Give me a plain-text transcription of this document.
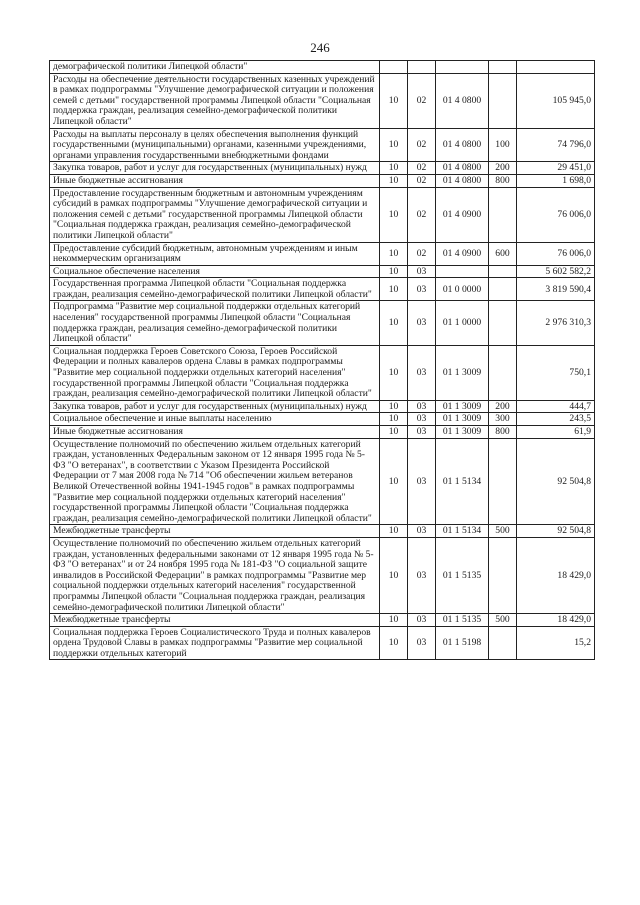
246
демографической политики Липецкой области"					
Расходы на обеспечение деятельности государственных казенных учреждений в рамках подпрограммы "Улучшение демографической ситуации и положения семей с детьми" государственной программы Липецкой области "Социальная поддержка граждан, реализация семейно-демографической политики Липецкой области"	10	02	01 4 0800		105 945,0
Расходы на выплаты персоналу в целях обеспечения выполнения функций государственными (муниципальными) органами, казенными учреждениями, органами управления государственными внебюджетными фондами	10	02	01 4 0800	100	74 796,0
Закупка товаров, работ и услуг для государственных (муниципальных) нужд	10	02	01 4 0800	200	29 451,0
Иные бюджетные ассигнования	10	02	01 4 0800	800	1 698,0
Предоставление государственным бюджетным и автономным учреждениям субсидий в рамках подпрограммы "Улучшение демографической ситуации и положения семей с детьми" государственной программы Липецкой области "Социальная поддержка граждан, реализация семейно-демографической политики Липецкой области"	10	02	01 4 0900		76 006,0
Предоставление субсидий бюджетным, автономным учреждениям и иным некоммерческим организациям	10	02	01 4 0900	600	76 006,0
Социальное обеспечение населения	10	03			5 602 582,2
Государственная программа Липецкой области "Социальная поддержка граждан, реализация семейно-демографической политики Липецкой области"	10	03	01 0 0000		3 819 590,4
Подпрограмма "Развитие мер социальной поддержки отдельных категорий населения" государственной программы Липецкой области "Социальная поддержка граждан, реализация семейно-демографической политики Липецкой области"	10	03	01 1 0000		2 976 310,3
Социальная поддержка Героев Советского Союза, Героев Российской Федерации и полных кавалеров ордена Славы в рамках подпрограммы "Развитие мер социальной поддержки отдельных категорий населения" государственной программы Липецкой области "Социальная поддержка граждан, реализация семейно-демографической политики Липецкой области"	10	03	01 1 3009		750,1
Закупка товаров, работ и услуг для государственных (муниципальных) нужд	10	03	01 1 3009	200	444,7
Социальное обеспечение и иные выплаты населению	10	03	01 1 3009	300	243,5
Иные бюджетные ассигнования	10	03	01 1 3009	800	61,9
Осуществление полномочий по обеспечению жильем отдельных категорий граждан, установленных Федеральным законом от 12 января 1995 года № 5-ФЗ "О ветеранах", в соответствии с Указом Президента Российской Федерации от 7 мая 2008 года № 714 "Об обеспечении жильем ветеранов Великой Отечественной войны 1941-1945 годов" в рамках подпрограммы "Развитие мер социальной поддержки отдельных категорий населения" государственной программы Липецкой области "Социальная поддержка граждан, реализация семейно-демографической политики Липецкой области"	10	03	01 1 5134		92 504,8
Межбюджетные трансферты	10	03	01 1 5134	500	92 504,8
Осуществление полномочий по обеспечению жильем отдельных категорий граждан, установленных федеральными законами от 12 января 1995 года № 5-ФЗ "О ветеранах" и от 24 ноября 1995 года № 181-ФЗ "О социальной защите инвалидов в Российской Федерации" в рамках подпрограммы "Развитие мер социальной поддержки отдельных категорий населения" государственной программы Липецкой области "Социальная поддержка граждан, реализация семейно-демографической политики Липецкой области"	10	03	01 1 5135		18 429,0
Межбюджетные трансферты	10	03	01 1 5135	500	18 429,0
Социальная поддержка Героев Социалистического Труда и полных кавалеров ордена Трудовой Славы в рамках подпрограммы "Развитие мер социальной поддержки отдельных категорий	10	03	01 1 5198		15,2
